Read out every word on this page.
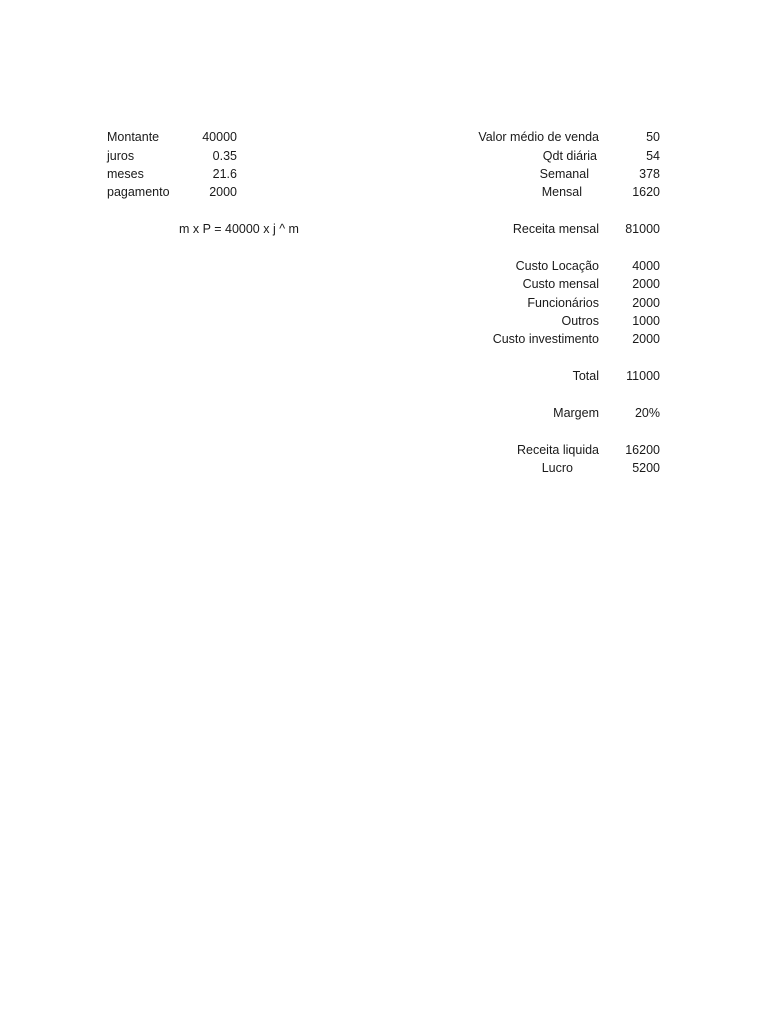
Montante	40000
juros	0.35
meses	21.6
pagamento	2000
m x P = 40000 x j ^ m
Valor médio de venda	50
Qdt diária	54
Semanal	378
Mensal	1620
Receita mensal	81000
Custo Locação	4000
Custo mensal	2000
Funcionários	2000
Outros	1000
Custo investimento	2000
Total	11000
Margem	20%
Receita liquida	16200
Lucro	5200
